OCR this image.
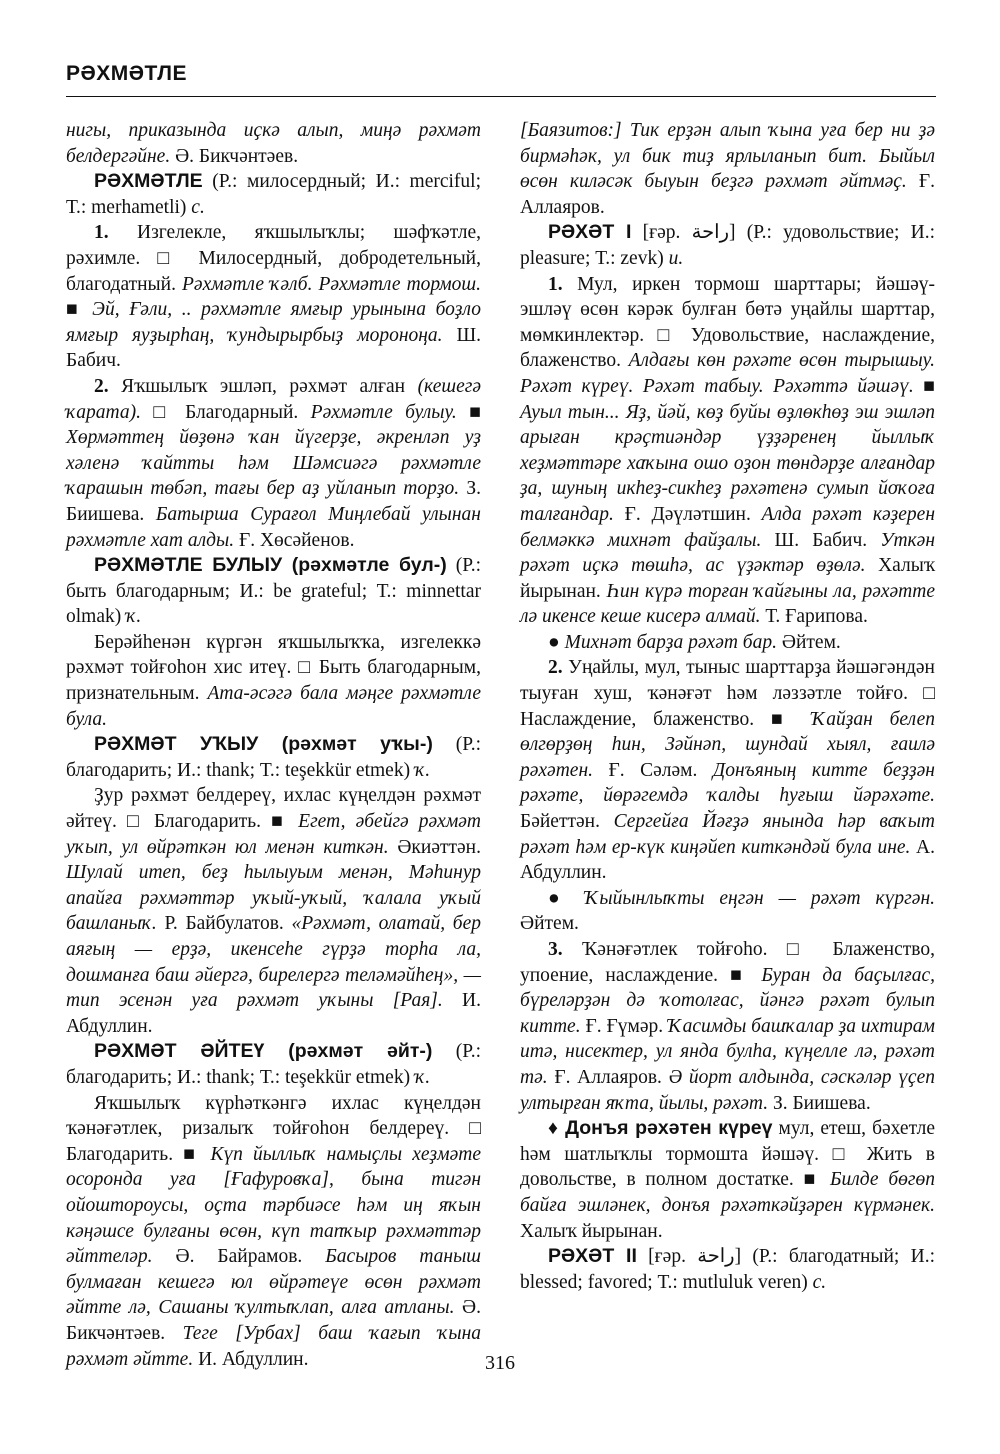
РӘХМӘТЛЕ

нигы, приказында иҫкә алып, миңә рәхмәт белдергәйне. Ә. Бикчәнтәев.

РӘХМӘТЛЕ (Р.: милосердный; И.: merciful; Т.: merhametli) с.

1. Изгелекле, яҡшылыҡлы; шәфҡәтле, рәхимле. □ Милосердный, добродетельный, благодатный. Рәхмәтле ҡәлб. Рәхмәтле тормош. ■ Эй, Ғәли, .. рәхмәтле ямғыр урынына боҙло ямғыр яуҙырһаң, ҡундырырбыҙ мороноңа. Ш. Бабич.

2. Яҡшылыҡ эшләп, рәхмәт алған (кешегә ҡарата). □ Благодарный. Рәхмәтле булыу. ■ Хөрмәттең йөҙөнә ҡан йүгерҙе, әкренләп уҙ хәленә ҡайтты һәм Шәмсиәгә рәхмәтле ҡарашын төбәп, тағы бер аҙ уйланып торҙо. З. Биишева. Батырша Сурағол Миңлебай улынан рәхмәтле хат алды. Ғ. Хөсәйенов.

РӘХМӘТЛЕ БУЛЫУ (рәхмәтле бул-) (Р.: быть благодарным; И.: be grateful; Т.: minnettar olmak) ҡ.

Берәйһенән күргән яҡшылыҡҡа, изгелеккә рәхмәт тойғоһон хис итеү. □ Быть благодарным, признательным. Ата-әсәгә бала мәңге рәхмәтле була.

РӘХМӘТ УҠЫУ (рәхмәт уҡы-) (Р.: благодарить; И.: thank; Т.: teşekkür etmek) ҡ.

Ҙур рәхмәт белдереү, ихлас күңелдән рәхмәт әйтеү. □ Благодарить. ■ Егет, әбейгә рәхмәт уҡып, ул өйрәткән юл менән киткән. Әкиәттән. Шулай итеп, беҙ һылыуым менән, Мәһинур апайға рәхмәттәр уҡый-уҡый, ҡалала уҡый башланыҡ. Р. Байбулатов. «Рәхмәт, олатай, бер аяғың — ерҙә, икенсеһе гүрҙә торһа ла, дошманға баш әйергә, бирелергә теләмәйһең», — тип эсенән уға рәхмәт уҡыны [Рая]. И. Абдуллин.

РӘХМӘТ ӘЙТЕҮ (рәхмәт әйт-) (Р.: благодарить; И.: thank; Т.: teşekkür etmek) ҡ.

Яҡшылыҡ күрһәткәнгә ихлас күңелдән ҡәнәғәтлек, ризалыҡ тойғоһон белдереү. □ Благодарить. ■ Күп йыллыҡ намыҫлы хеҙмәте осоронда уға [Ғафуровҡа], бына тигән ойоштороусы, оҫта тәрбиәсе һәм иң яҡын кәңәшсе булғаны өсөн, күп тапҡыр рәхмәттәр әйттеләр. Ә. Байрамов. Басыров таныш булмаған кешегә юл өйрәтеүе өсөн рәхмәт әйтте лә, Сашаны ҡултыҡлап, алға атланы. Ә. Бикчәнтәев. Теге [Урбах] баш ҡағып ҡына рәхмәт әйтте. И. Абдуллин.

[Баязитов:] Тик ерҙән алып ҡына уға бер ни ҙә бирмәһәк, ул бик тиҙ ярлыланып бит. Быйыл өсөн киләсәк быуын беҙгә рәхмәт әйтмәҫ. Ғ. Аллаяров.

РӘХӘТ I [ғәр. راحة] (Р.: удовольствие; И.: pleasure; Т.: zevk) и.

1. Мул, иркен тормош шарттары; йәшәү-эшләү өсөн кәрәк булған бөтә уңайлы шарттар, мөмкинлектәр. □ Удовольствие, наслаждение, блаженство. Алдағы көн рәхәте өсөн тырышыу. Рәхәт күреү. Рәхәт табыу. Рәхәттә йәшәү. ■ Ауыл тын... Яҙ, йәй, көҙ буйы өҙлөкһөҙ эш эшләп арыған крәҫтиәндәр үҙҙәренең йыллыҡ хеҙмәттәре хаҡына ошо оҙон төндәрҙе алғандар ҙа, шуның икһеҙ-сикһеҙ рәхәтенә сумып йоҡоға талғандар. Ғ. Дәүләтшин. Алда рәхәт кәҙерен белмәккә михнәт файҙалы. Ш. Бабич. Уткән рәхәт иҫкә төшһә, ас үҙәктәр өҙөлә. Халыҡ йырынан. Һин күрә торған ҡайғыны ла, рәхәтте лә икенсе кеше кисерә алмай. Т. Ғарипова.

● Михнәт барҙа рәхәт бар. Әйтем.

2. Уңайлы, мул, тыныс шарттарҙа йәшәгәндән тыуған хуш, ҡәнәғәт һәм ләззәтле тойғо. □ Наслаждение, блаженство. ■ Ҡайҙан белеп өлгөрҙөң һин, Зәйнәп, шундай хыял, ғаилә рәхәтен. Ғ. Сәләм. Донъяның китте беҙҙән рәхәте, йөрәгемдә ҡалды һуғыш йәрәхәте. Бәйеттән. Сергейға Йәғҙә янында һәр ваҡыт рәхәт һәм ер-күк киңәйеп киткәндәй була ине. А. Абдуллин.

● Ҡыйынлыҡты еңгән — рәхәт күргән. Әйтем.

3. Ҡәнәғәтлек тойғоһо. □ Блаженство, упоение, наслаждение. ■ Буран да баҫылғас, бүреләрҙән дә ҡотолғас, йәнгә рәхәт булып китте. Ғ. Ғүмәр. Ҡасимды башҡалар ҙа ихтирам итә, нисектер, ул янда булһа, күңелле лә, рәхәт тә. Ғ. Аллаяров. Ә йорт алдында, сәскәләр үҫеп ултырған яҡта, йылы, рәхәт. З. Биишева.

♦ Донъя рәхәтен күреү мул, етеш, бәхетле һәм шатлыҡлы тормошта йәшәү. □ Жить в довольстве, в полном достатке. ■ Билде бөгөп байға эшләнек, донъя рәхәткәйҙәрен күрмәнек. Халыҡ йырынан.

РӘХӘТ II [ғәр. راحة] (Р.: благодатный; И.: blessed; favored; Т.: mutluluk veren) с.

316
